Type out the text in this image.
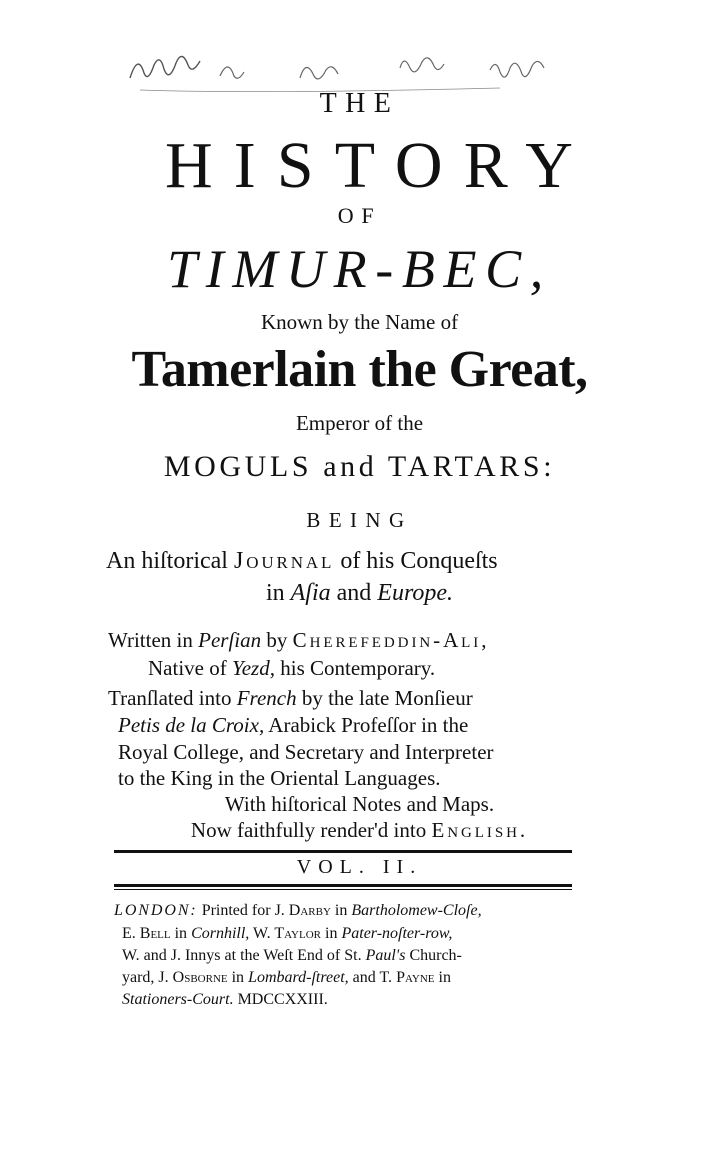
THE
HISTORY
OF
TIMUR-BEC,
Known by the Name of
Tamerlain the Great,
Emperor of the
MOGULS and TARTARS:
BEING
An hiſtorical Journal of his Conqueſts
in Aſia and Europe.
Written in Perſian by Cherefeddin-Ali,
Native of Yezd, his Contemporary.
Tranſlated into French by the late Monſieur
Petis de la Croix, Arabick Profeſſor in the
Royal College, and Secretary and Interpreter
to the King in the Oriental Languages.
With hiſtorical Notes and Maps.
Now faithfully render'd into English.
VOL. II.
LONDON: Printed for J. Darby in Bartholomew-Cloſe,
E. Bell in Cornhill, W. Taylor in Pater-noſter-row,
W. and J. Innys at the Weſt End of St. Paul's Church-
yard, J. Osborne in Lombard-ſtreet, and T. Payne in
Stationers-Court. MDCCXXIII.
